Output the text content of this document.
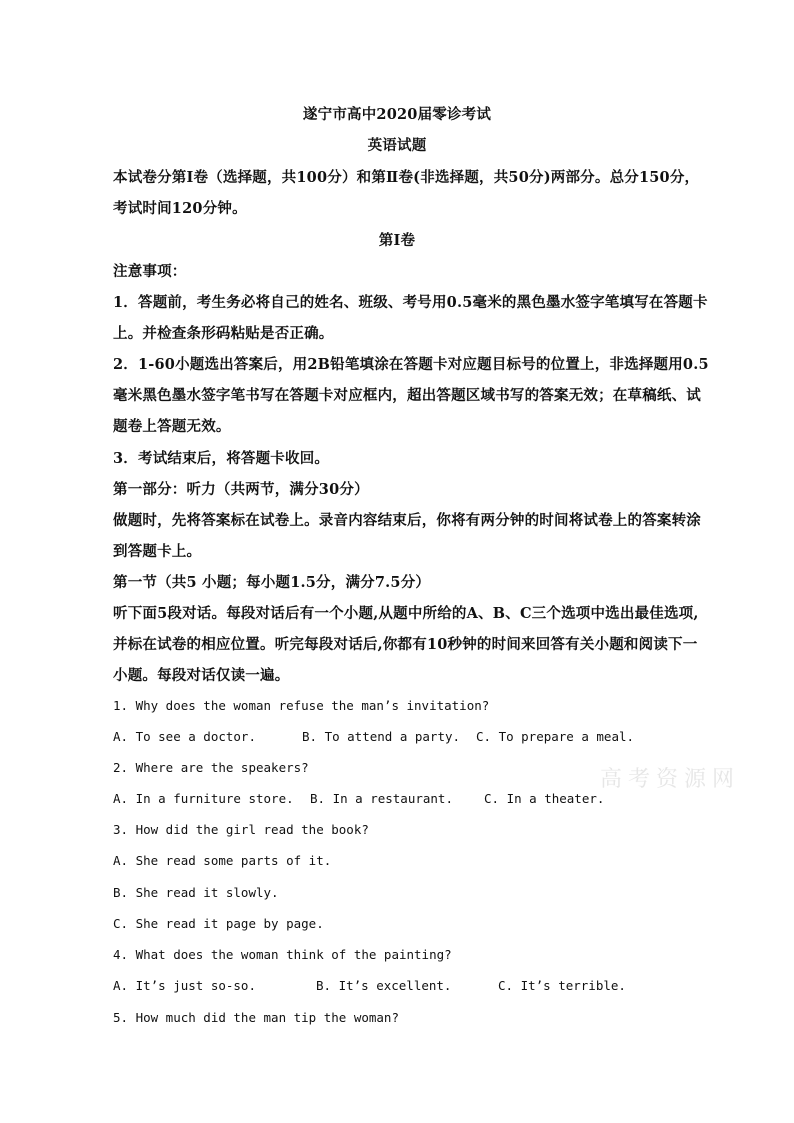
遂宁市高中2020届零诊考试
英语试题
本试卷分第Ⅰ卷（选择题，共100分）和第Ⅱ卷(非选择题，共50分)两部分。总分150分，
考试时间120分钟。
第Ⅰ卷
注意事项：
1．答题前，考生务必将自己的姓名、班级、考号用0.5毫米的黑色墨水签字笔填写在答题卡
上。并检查条形码粘贴是否正确。
2．1-60小题选出答案后，用2B铅笔填涂在答题卡对应题目标号的位置上，非选择题用0.5
毫米黑色墨水签字笔书写在答题卡对应框内，超出答题区域书写的答案无效；在草稿纸、试
题卷上答题无效。
3．考试结束后，将答题卡收回。
第一部分：听力（共两节，满分30分）
做题时，先将答案标在试卷上。录音内容结束后，你将有两分钟的时间将试卷上的答案转涂
到答题卡上。
第一节（共5 小题；每小题1.5分，满分7.5分）
听下面5段对话。每段对话后有一个小题,从题中所给的A、B、C三个选项中选出最佳选项,
并标在试卷的相应位置。听完每段对话后,你都有10秒钟的时间来回答有关小题和阅读下一
小题。每段对话仅读一遍。
1. Why does the woman refuse the man’s invitation?
A. To see a doctor.	B. To attend a party. C. To prepare a meal.
2. Where are the speakers?
A. In a furniture store. B. In a restaurant. C. In a theater.
3. How did the girl read the book?
A. She read some parts of it.
B. She read it slowly.
C. She read it page by page.
4. What does the woman think of the painting?
A. It’s just so-so.	B. It’s excellent.	C. It’s terrible.
5. How much did the man tip the woman?
高考资源网
